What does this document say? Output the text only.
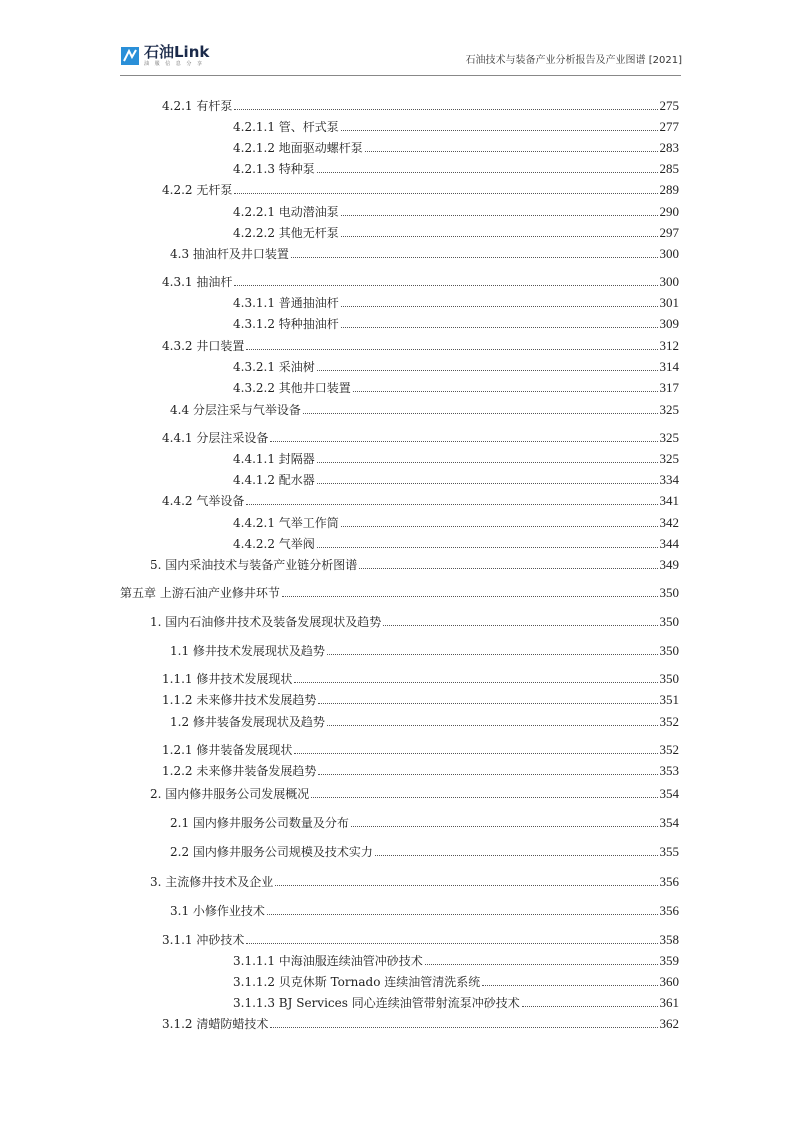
石油Link
油 服 信 息 分 享	石油技术与装备产业分析报告及产业图谱 [2021]
4.2.1 有杆泵	275
4.2.1.1 管、杆式泵	277
4.2.1.2 地面驱动螺杆泵	283
4.2.1.3 特种泵	285
4.2.2 无杆泵	289
4.2.2.1 电动潜油泵	290
4.2.2.2 其他无杆泵	297
4.3 抽油杆及井口装置	300
4.3.1 抽油杆	300
4.3.1.1 普通抽油杆	301
4.3.1.2 特种抽油杆	309
4.3.2 井口装置	312
4.3.2.1 采油树	314
4.3.2.2 其他井口装置	317
4.4 分层注采与气举设备	325
4.4.1 分层注采设备	325
4.4.1.1 封隔器	325
4.4.1.2 配水器	334
4.4.2 气举设备	341
4.4.2.1 气举工作筒	342
4.4.2.2 气举阀	344
5. 国内采油技术与装备产业链分析图谱	349
第五章 上游石油产业修井环节	350
1. 国内石油修井技术及装备发展现状及趋势	350
1.1 修井技术发展现状及趋势	350
1.1.1 修井技术发展现状	350
1.1.2 未来修井技术发展趋势	351
1.2 修井装备发展现状及趋势	352
1.2.1 修井装备发展现状	352
1.2.2 未来修井装备发展趋势	353
2. 国内修井服务公司发展概况	354
2.1 国内修井服务公司数量及分布	354
2.2 国内修井服务公司规模及技术实力	355
3. 主流修井技术及企业	356
3.1 小修作业技术	356
3.1.1 冲砂技术	358
3.1.1.1 中海油服连续油管冲砂技术	359
3.1.1.2 贝克休斯 Tornado 连续油管清洗系统	360
3.1.1.3 BJ Services 同心连续油管带射流泵冲砂技术	361
3.1.2 清蜡防蜡技术	362
